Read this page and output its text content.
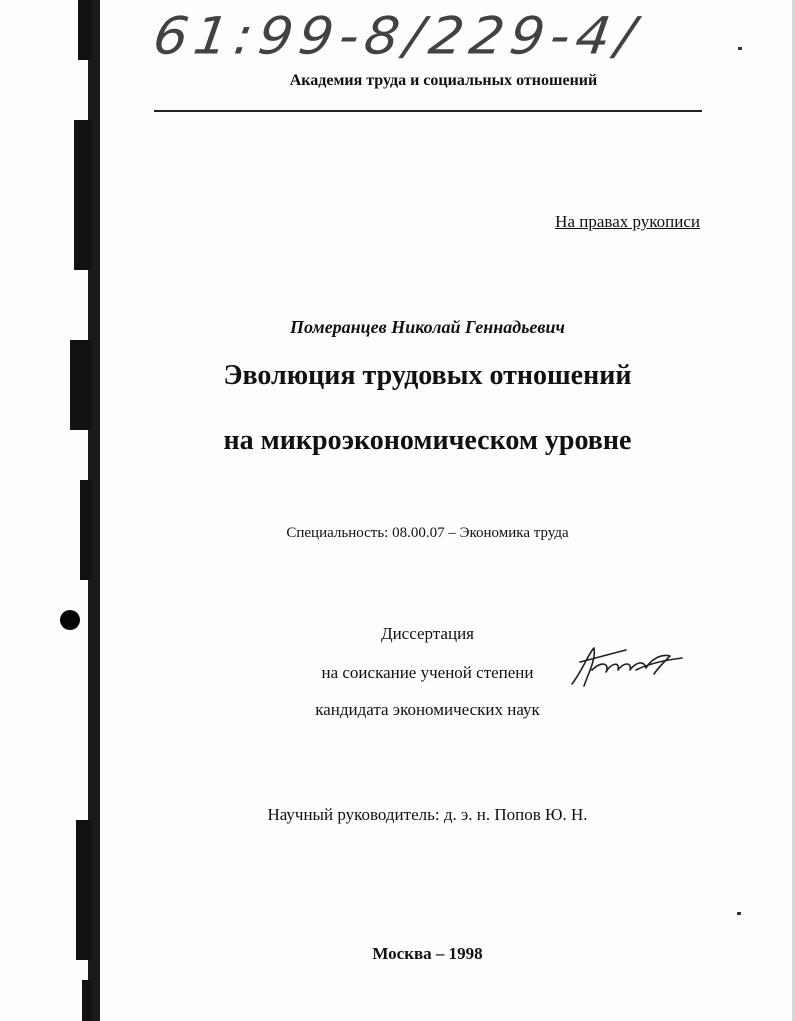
61:99-8/229-4/
Академия труда и социальных отношений
На правах рукописи
Померанцев Николай Геннадьевич
Эволюция трудовых отношений
на микроэкономическом уровне
Специальность: 08.00.07 – Экономика труда
Диссертация
на соискание ученой степени
кандидата экономических наук
Научный руководитель: д. э. н. Попов Ю. Н.
Москва – 1998
